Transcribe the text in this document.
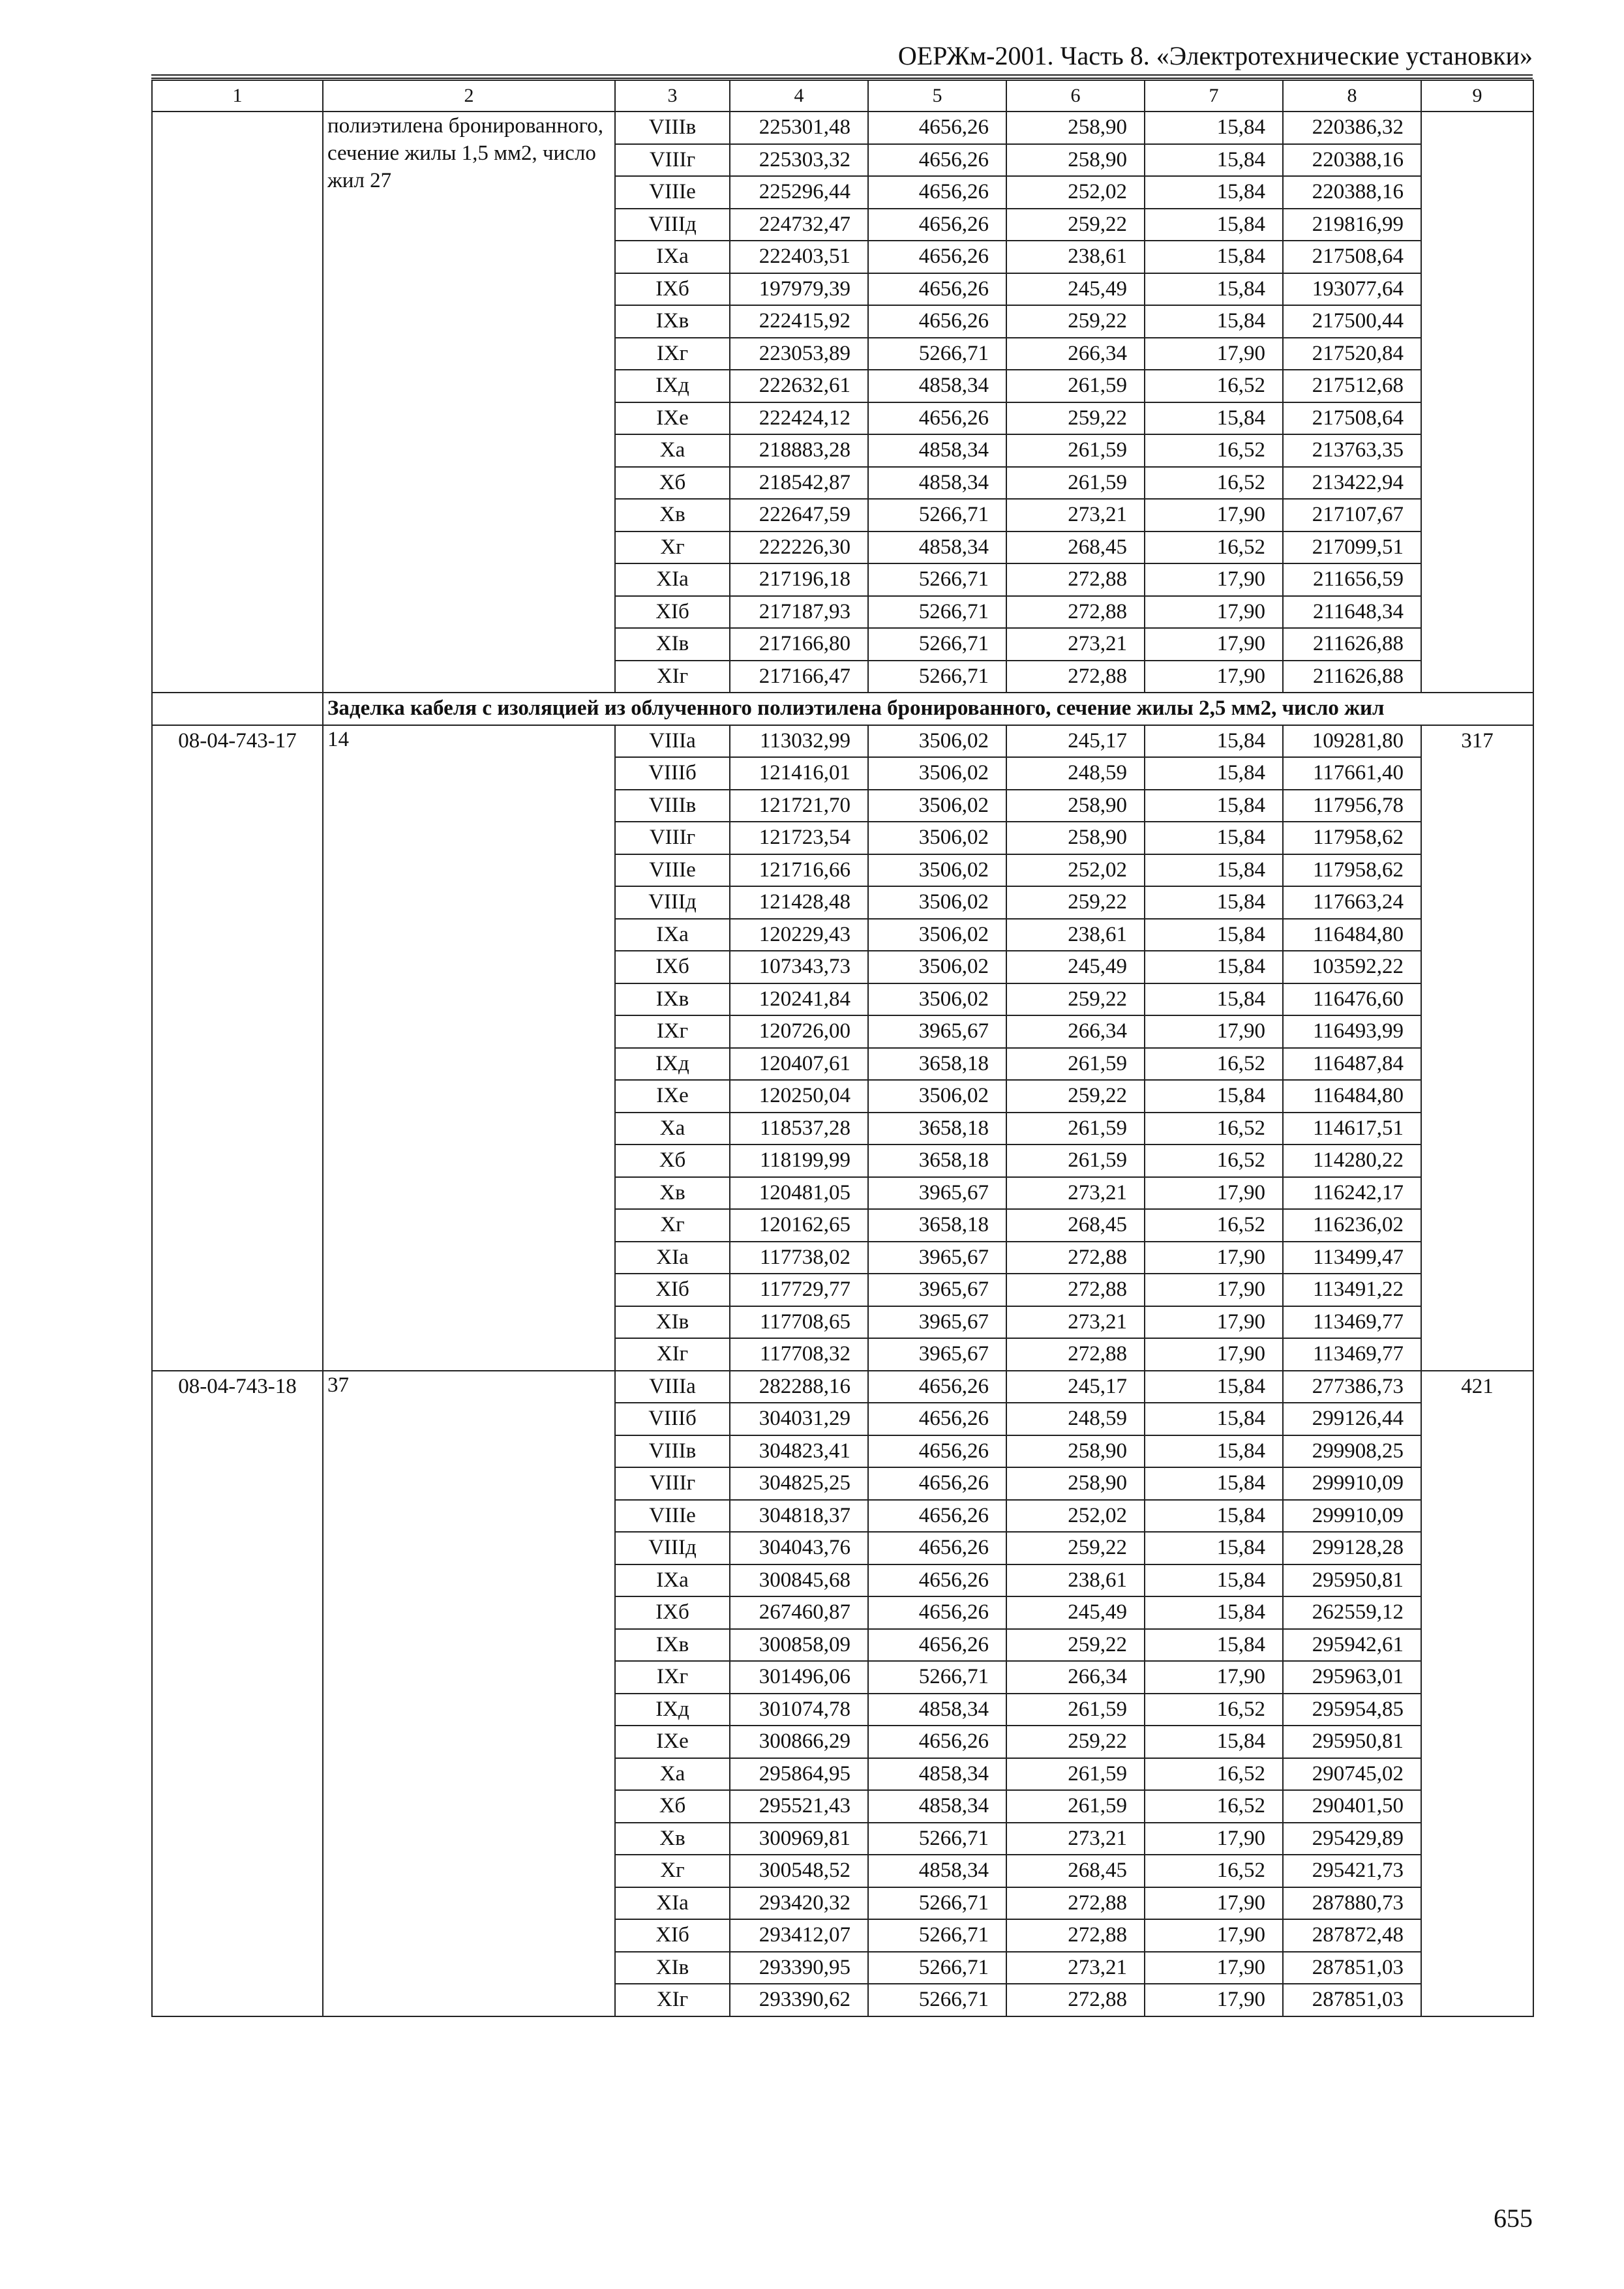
ОЕРЖм-2001. Часть 8. «Электротехнические установки»
1	2	3	4	5	6	7	8	9

	полиэтилена бронированного, сечение жилы 1,5 мм2, число жил 27	VIIIв	225301,48	4656,26	258,90	15,84	220386,32	
		VIIIг	225303,32	4656,26	258,90	15,84	220388,16	
		VIIIе	225296,44	4656,26	252,02	15,84	220388,16	
		VIIIд	224732,47	4656,26	259,22	15,84	219816,99	
		IXа	222403,51	4656,26	238,61	15,84	217508,64	
		IXб	197979,39	4656,26	245,49	15,84	193077,64	
		IXв	222415,92	4656,26	259,22	15,84	217500,44	
		IXг	223053,89	5266,71	266,34	17,90	217520,84	
		IXд	222632,61	4858,34	261,59	16,52	217512,68	
		IXе	222424,12	4656,26	259,22	15,84	217508,64	
		Xа	218883,28	4858,34	261,59	16,52	213763,35	
		Xб	218542,87	4858,34	261,59	16,52	213422,94	
		Xв	222647,59	5266,71	273,21	17,90	217107,67	
		Xг	222226,30	4858,34	268,45	16,52	217099,51	
		XIа	217196,18	5266,71	272,88	17,90	211656,59	
		XIб	217187,93	5266,71	272,88	17,90	211648,34	
		XIв	217166,80	5266,71	273,21	17,90	211626,88	
		XIг	217166,47	5266,71	272,88	17,90	211626,88	
	Заделка кабеля с изоляцией из облученного полиэтилена бронированного, сечение жилы 2,5 мм2, число жил							
08-04-743-17	14	VIIIа	113032,99	3506,02	245,17	15,84	109281,80	317
		VIIIб	121416,01	3506,02	248,59	15,84	117661,40	
		VIIIв	121721,70	3506,02	258,90	15,84	117956,78	
		VIIIг	121723,54	3506,02	258,90	15,84	117958,62	
		VIIIе	121716,66	3506,02	252,02	15,84	117958,62	
		VIIIд	121428,48	3506,02	259,22	15,84	117663,24	
		IXа	120229,43	3506,02	238,61	15,84	116484,80	
		IXб	107343,73	3506,02	245,49	15,84	103592,22	
		IXв	120241,84	3506,02	259,22	15,84	116476,60	
		IXг	120726,00	3965,67	266,34	17,90	116493,99	
		IXд	120407,61	3658,18	261,59	16,52	116487,84	
		IXе	120250,04	3506,02	259,22	15,84	116484,80	
		Xа	118537,28	3658,18	261,59	16,52	114617,51	
		Xб	118199,99	3658,18	261,59	16,52	114280,22	
		Xв	120481,05	3965,67	273,21	17,90	116242,17	
		Xг	120162,65	3658,18	268,45	16,52	116236,02	
		XIа	117738,02	3965,67	272,88	17,90	113499,47	
		XIб	117729,77	3965,67	272,88	17,90	113491,22	
		XIв	117708,65	3965,67	273,21	17,90	113469,77	
		XIг	117708,32	3965,67	272,88	17,90	113469,77	
08-04-743-18	37	VIIIа	282288,16	4656,26	245,17	15,84	277386,73	421
		VIIIб	304031,29	4656,26	248,59	15,84	299126,44	
		VIIIв	304823,41	4656,26	258,90	15,84	299908,25	
		VIIIг	304825,25	4656,26	258,90	15,84	299910,09	
		VIIIе	304818,37	4656,26	252,02	15,84	299910,09	
		VIIIд	304043,76	4656,26	259,22	15,84	299128,28	
		IXа	300845,68	4656,26	238,61	15,84	295950,81	
		IXб	267460,87	4656,26	245,49	15,84	262559,12	
		IXв	300858,09	4656,26	259,22	15,84	295942,61	
		IXг	301496,06	5266,71	266,34	17,90	295963,01	
		IXд	301074,78	4858,34	261,59	16,52	295954,85	
		IXе	300866,29	4656,26	259,22	15,84	295950,81	
		Xа	295864,95	4858,34	261,59	16,52	290745,02	
		Xб	295521,43	4858,34	261,59	16,52	290401,50	
		Xв	300969,81	5266,71	273,21	17,90	295429,89	
		Xг	300548,52	4858,34	268,45	16,52	295421,73	
		XIа	293420,32	5266,71	272,88	17,90	287880,73	
		XIб	293412,07	5266,71	272,88	17,90	287872,48	
		XIв	293390,95	5266,71	273,21	17,90	287851,03	
		XIг	293390,62	5266,71	272,88	17,90	287851,03	
655
